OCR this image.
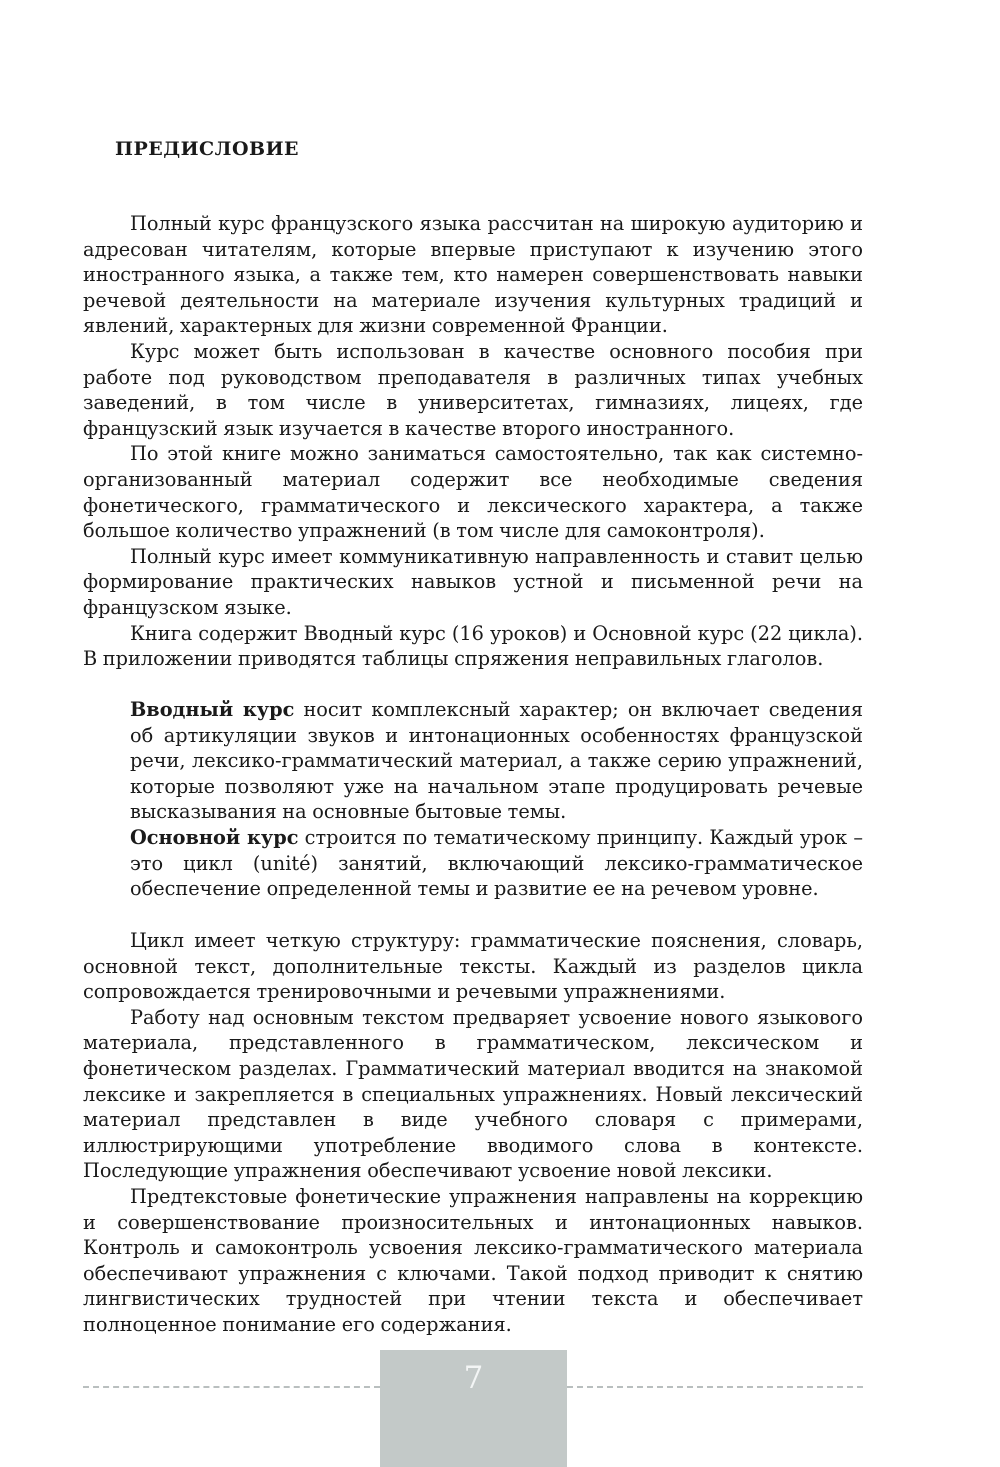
ПРЕДИСЛОВИЕ

Полный курс французского языка рассчитан на широкую аудиторию и адресован читателям, которые впервые приступают к изучению этого иностранного языка, а также тем, кто намерен совершенствовать навыки речевой деятельности на материале изучения культурных традиций и явлений, характерных для жизни современной Франции.

Курс может быть использован в качестве основного пособия при работе под руководством преподавателя в различных типах учебных заведений, в том числе в университетах, гимназиях, лицеях, где французский язык изучается в качестве второго иностранного.

По этой книге можно заниматься самостоятельно, так как системно-организованный материал содержит все необходимые сведения фонетического, грамматического и лексического характера, а также большое количество упражнений (в том числе для самоконтроля).

Полный курс имеет коммуникативную направленность и ставит целью формирование практических навыков устной и письменной речи на французском языке.

Книга содержит Вводный курс (16 уроков) и Основной курс (22 цикла). В приложении приводятся таблицы спряжения неправильных глаголов.

Вводный курс носит комплексный характер; он включает сведения об артикуляции звуков и интонационных особенностях французской речи, лексико-грамматический материал, а также серию упражнений, которые позволяют уже на начальном этапе продуцировать речевые высказывания на основные бытовые темы.

Основной курс строится по тематическому принципу. Каждый урок – это цикл (unité) занятий, включающий лексико-грамматическое обеспечение определенной темы и развитие ее на речевом уровне.

Цикл имеет четкую структуру: грамматические пояснения, словарь, основной текст, дополнительные тексты. Каждый из разделов цикла сопровождается тренировочными и речевыми упражнениями.

Работу над основным текстом предваряет усвоение нового языкового материала, представленного в грамматическом, лексическом и фонетическом разделах. Грамматический материал вводится на знакомой лексике и закрепляется в специальных упражнениях. Новый лексический материал представлен в виде учебного словаря с примерами, иллюстрирующими употребление вводимого слова в контексте. Последующие упражнения обеспечивают усвоение новой лексики.

Предтекстовые фонетические упражнения направлены на коррекцию и совершенствование произносительных и интонационных навыков. Контроль и самоконтроль усвоения лексико-грамматического материала обеспечивают упражнения с ключами. Такой подход приводит к снятию лингвистических трудностей при чтении текста и обеспечивает полноценное понимание его содержания.

7
